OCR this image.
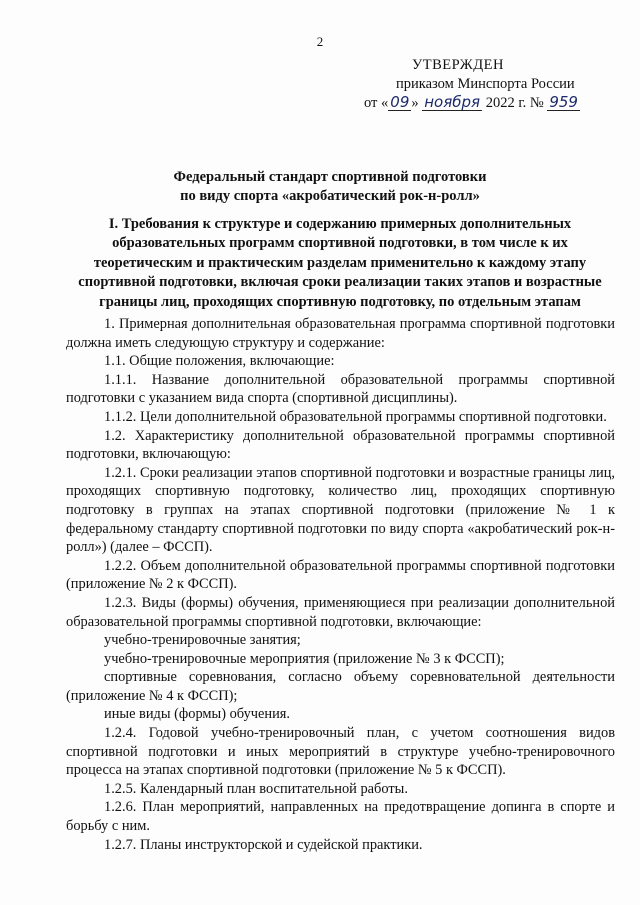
2
УТВЕРЖДЕН
приказом Минспорта России
от « 09 » ноября 2022 г. № 959
Федеральный стандарт спортивной подготовки
по виду спорта «акробатический рок-н-ролл»
I. Требования к структуре и содержанию примерных дополнительных
образовательных программ спортивной подготовки, в том числе к их
теоретическим и практическим разделам применительно к каждому этапу
спортивной подготовки, включая сроки реализации таких этапов и возрастные
границы лиц, проходящих спортивную подготовку, по отдельным этапам

1. Примерная дополнительная образовательная программа спортивной подготовки должна иметь следующую структуру и содержание:

1.1. Общие положения, включающие:

1.1.1. Название дополнительной образовательной программы спортивной подготовки с указанием вида спорта (спортивной дисциплины).

1.1.2. Цели дополнительной образовательной программы спортивной подготовки.

1.2. Характеристику дополнительной образовательной программы спортивной подготовки, включающую:

1.2.1. Сроки реализации этапов спортивной подготовки и возрастные границы лиц, проходящих спортивную подготовку, количество лиц, проходящих спортивную подготовку в группах на этапах спортивной подготовки (приложение № 1 к федеральному стандарту спортивной подготовки по виду спорта «акробатический рок-н-ролл») (далее – ФССП).

1.2.2. Объем дополнительной образовательной программы спортивной подготовки (приложение № 2 к ФССП).

1.2.3. Виды (формы) обучения, применяющиеся при реализации дополнительной образовательной программы спортивной подготовки, включающие:

учебно-тренировочные занятия;

учебно-тренировочные мероприятия (приложение № 3 к ФССП);

спортивные соревнования, согласно объему соревновательной деятельности (приложение № 4 к ФССП);

иные виды (формы) обучения.

1.2.4. Годовой учебно-тренировочный план, с учетом соотношения видов спортивной подготовки и иных мероприятий в структуре учебно-тренировочного процесса на этапах спортивной подготовки (приложение № 5 к ФССП).

1.2.5. Календарный план воспитательной работы.

1.2.6. План мероприятий, направленных на предотвращение допинга в спорте и борьбу с ним.

1.2.7. Планы инструкторской и судейской практики.
